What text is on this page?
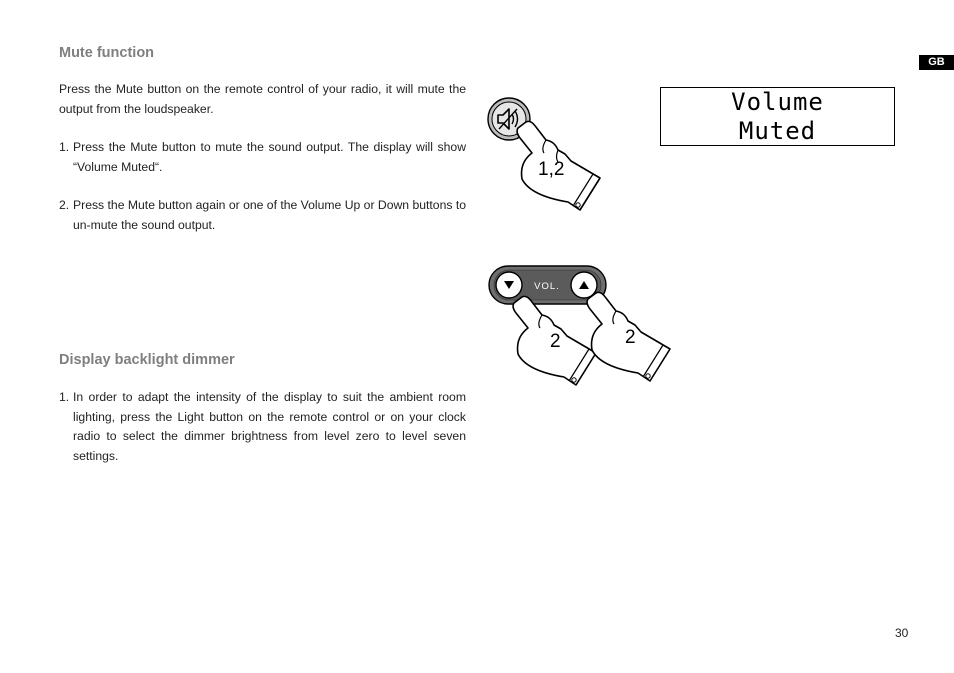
GB
Mute function
Press the Mute button on the remote control of your radio, it will mute the output from the loudspeaker.
1. Press the Mute button to mute the sound output. The display will show “Volume Muted“.
2. Press the Mute button again or one of the Volume Up or Down buttons to un-mute the sound output.
Display backlight dimmer
1. In order to adapt the intensity of the display to suit the ambient room lighting, press the Light button on the remote control or on your clock radio to select the dimmer brightness from level zero to level seven settings.
Volume
Muted
1,2
VOL.
2	2
30
